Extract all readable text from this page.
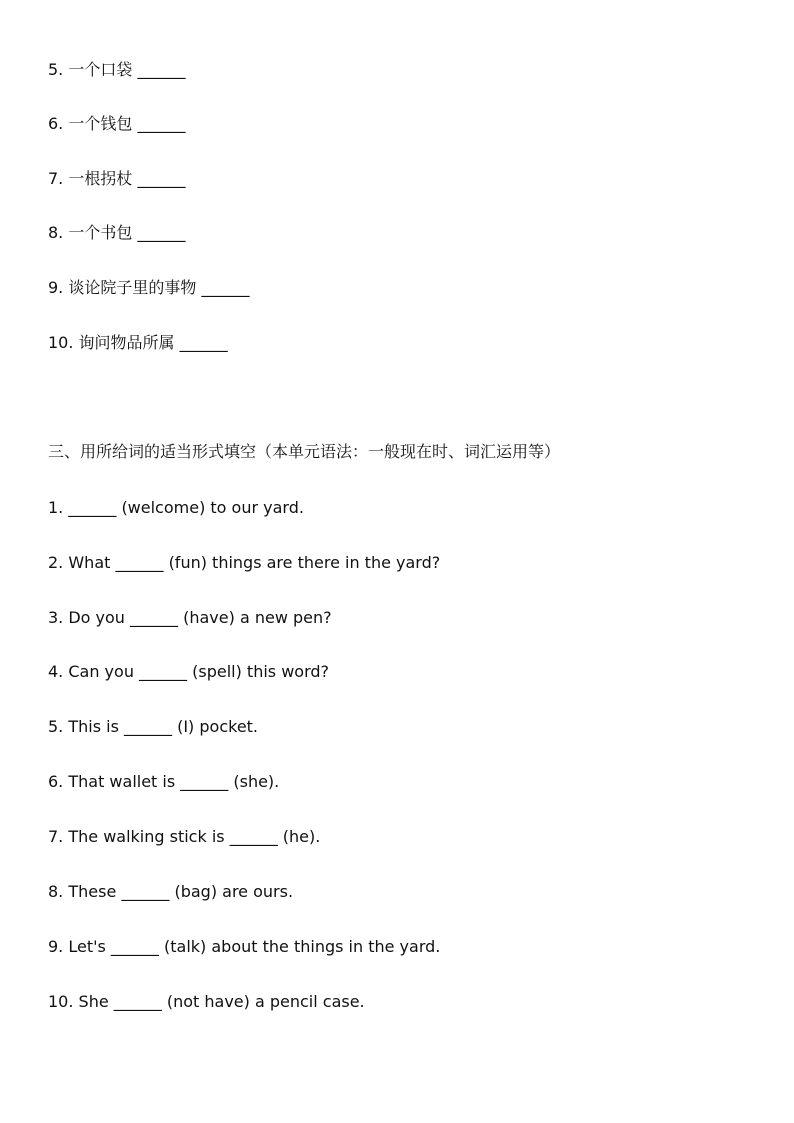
5. 一个口袋 ______

6. 一个钱包 ______

7. 一根拐杖 ______

8. 一个书包 ______

9. 谈论院子里的事物 ______

10. 询问物品所属 ______

三、用所给词的适当形式填空（本单元语法：一般现在时、词汇运用等）

1. ______ (welcome) to our yard.

2. What ______ (fun) things are there in the yard?

3. Do you ______ (have) a new pen?

4. Can you ______ (spell) this word?

5. This is ______ (I) pocket.

6. That wallet is ______ (she).

7. The walking stick is ______ (he).

8. These ______ (bag) are ours.

9. Let's ______ (talk) about the things in the yard.

10. She ______ (not have) a pencil case.
